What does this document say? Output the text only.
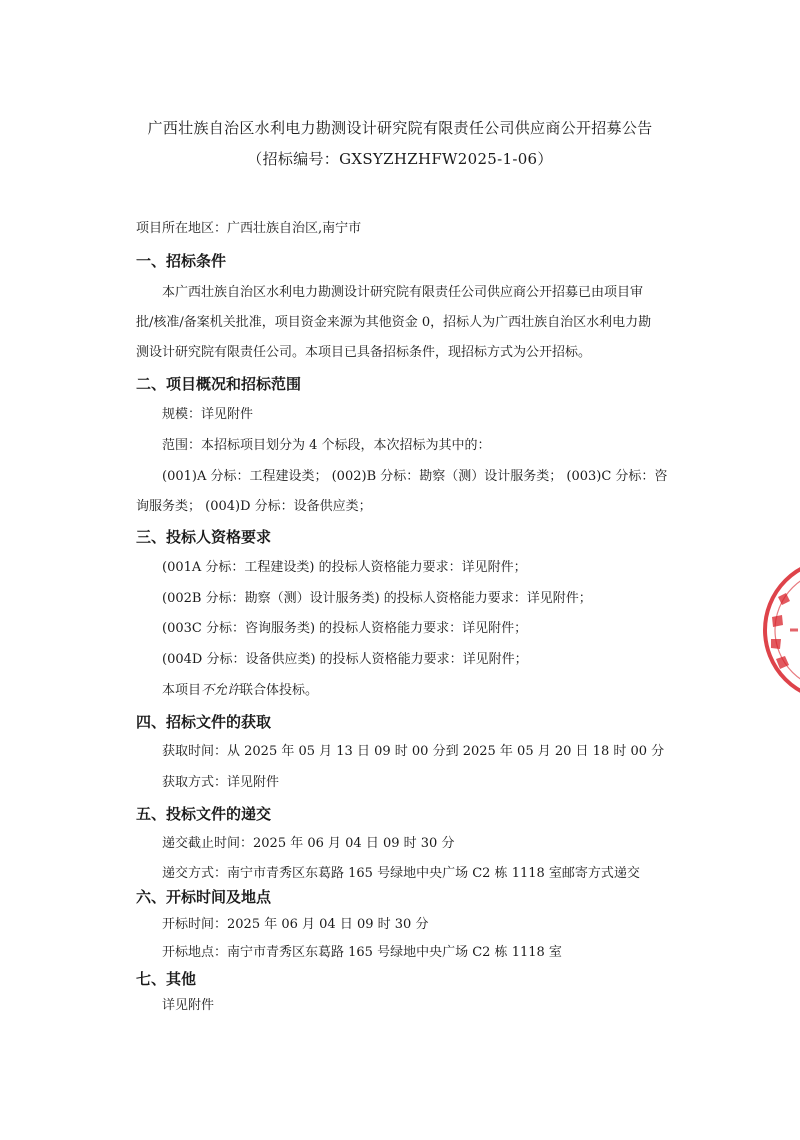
广西壮族自治区水利电力勘测设计研究院有限责任公司供应商公开招募公告
（招标编号：GXSYZHZHFW2025-1-06）
项目所在地区：广西壮族自治区,南宁市
一、招标条件
本广西壮族自治区水利电力勘测设计研究院有限责任公司供应商公开招募已由项目审
批/核准/备案机关批准，项目资金来源为其他资金 0，招标人为广西壮族自治区水利电力勘
测设计研究院有限责任公司。本项目已具备招标条件，现招标方式为公开招标。
二、项目概况和招标范围
规模：详见附件
范围：本招标项目划分为 4 个标段，本次招标为其中的：
(001)A 分标：工程建设类； (002)B 分标：勘察（测）设计服务类； (003)C 分标：咨
询服务类； (004)D 分标：设备供应类；
三、投标人资格要求
(001A 分标：工程建设类) 的投标人资格能力要求：详见附件；
(002B 分标：勘察（测）设计服务类) 的投标人资格能力要求：详见附件；
(003C 分标：咨询服务类) 的投标人资格能力要求：详见附件；
(004D 分标：设备供应类) 的投标人资格能力要求：详见附件；
本项目不允许联合体投标。
四、招标文件的获取
获取时间：从 2025 年 05 月 13 日 09 时 00 分到 2025 年 05 月 20 日 18 时 00 分
获取方式：详见附件
五、投标文件的递交
递交截止时间：2025 年 06 月 04 日 09 时 30 分
递交方式：南宁市青秀区东葛路 165 号绿地中央广场 C2 栋 1118 室邮寄方式递交
六、开标时间及地点
开标时间：2025 年 06 月 04 日 09 时 30 分
开标地点：南宁市青秀区东葛路 165 号绿地中央广场 C2 栋 1118 室
七、其他
详见附件
